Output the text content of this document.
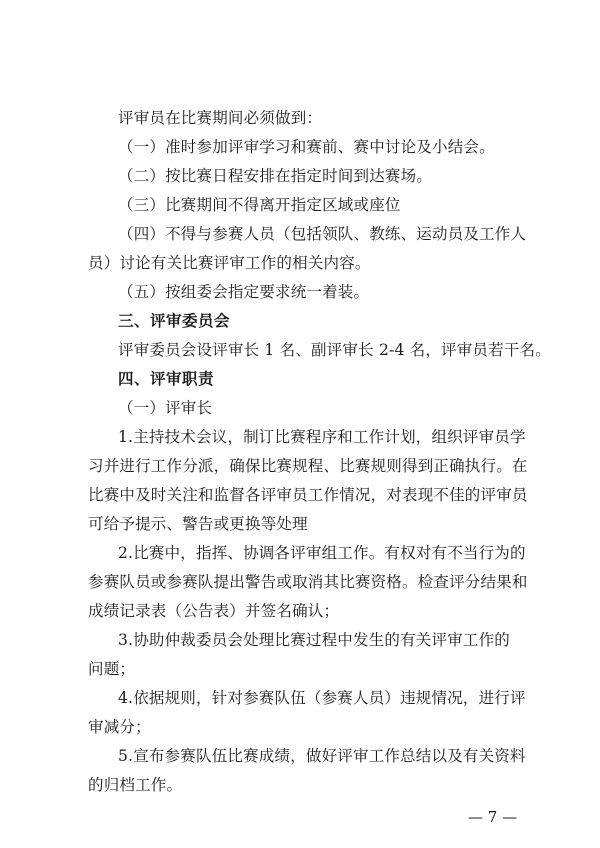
评审员在比赛期间必须做到：
（一）准时参加评审学习和赛前、赛中讨论及小结会。
（二）按比赛日程安排在指定时间到达赛场。
（三）比赛期间不得离开指定区域或座位
（四）不得与参赛人员（包括领队、教练、运动员及工作人
员）讨论有关比赛评审工作的相关内容。
（五）按组委会指定要求统一着装。
三、评审委员会
评审委员会设评审长 1 名、副评审长 2-4 名，评审员若干名。
四、评审职责
（一）评审长
1.主持技术会议，制订比赛程序和工作计划，组织评审员学
习并进行工作分派，确保比赛规程、比赛规则得到正确执行。在
比赛中及时关注和监督各评审员工作情况，对表现不佳的评审员
可给予提示、警告或更换等处理
2.比赛中，指挥、协调各评审组工作。有权对有不当行为的
参赛队员或参赛队提出警告或取消其比赛资格。检查评分结果和
成绩记录表（公告表）并签名确认；
3.协助仲裁委员会处理比赛过程中发生的有关评审工作的
问题；
4.依据规则，针对参赛队伍（参赛人员）违规情况，进行评
审减分；
5.宣布参赛队伍比赛成绩，做好评审工作总结以及有关资料
的归档工作。
— 7 —
